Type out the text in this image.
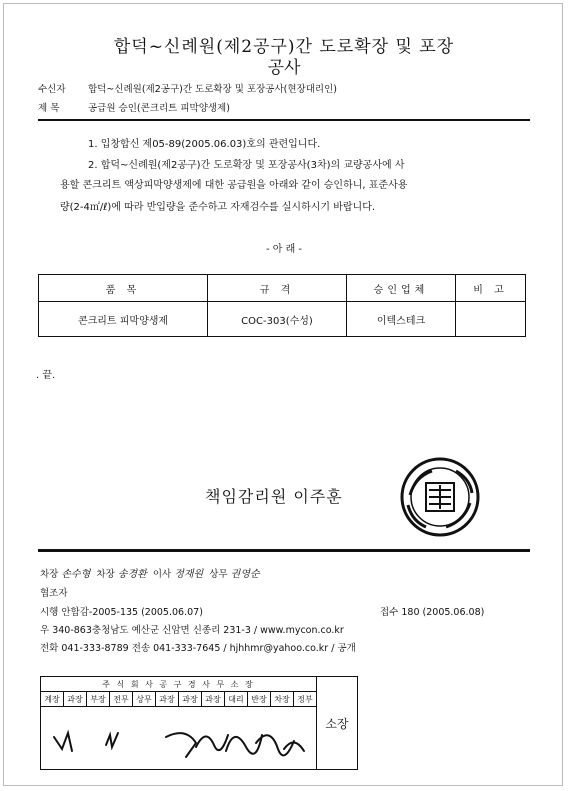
합덕~신례원(제2공구)간 도로확장 및 포장
공사
수신자 합덕~신례원(제2공구)간 도로확장 및 포장공사(현장대리인)
제 목	공급원 승인(콘크리트 피막양생제)
1. 입창합신 제05-89(2005.06.03)호의 관련입니다.
2. 합덕~신례원(제2공구)간 도로확장 및 포장공사(3차)의 교량공사에 사
용할 콘크리트 액상피막양생제에 대한 공급원을 아래와 같이 승인하니, 표준사용
량(2-4㎡/ℓ)에 따라 반입량을 준수하고 자재검수를 실시하시기 바랍니다.
- 아 래 -
품 목	규 격	승인업체	비 고
콘크리트 피막양생제	COC-303(수성)	이텍스테크	
. 끝.
책임감리원 이주훈
차장 손수형 차장 송경환 이사 정재원 상무 권영순
협조자
시행 안합감-2005-135 (2005.06.07)	접수 180 (2005.06.08)
우 340-863충청남도 예산군 신암면 신종리 231-3 / www.mycon.co.kr
전화 041-333-8789 전송 041-333-7645 / hjhhmr@yahoo.co.kr / 공개
주 식 회 사 공 구 경 사 무 소 장												소장
계장	과장	부장	전무	상무	과장	과장	과장	대리	반장	차장	정부	
